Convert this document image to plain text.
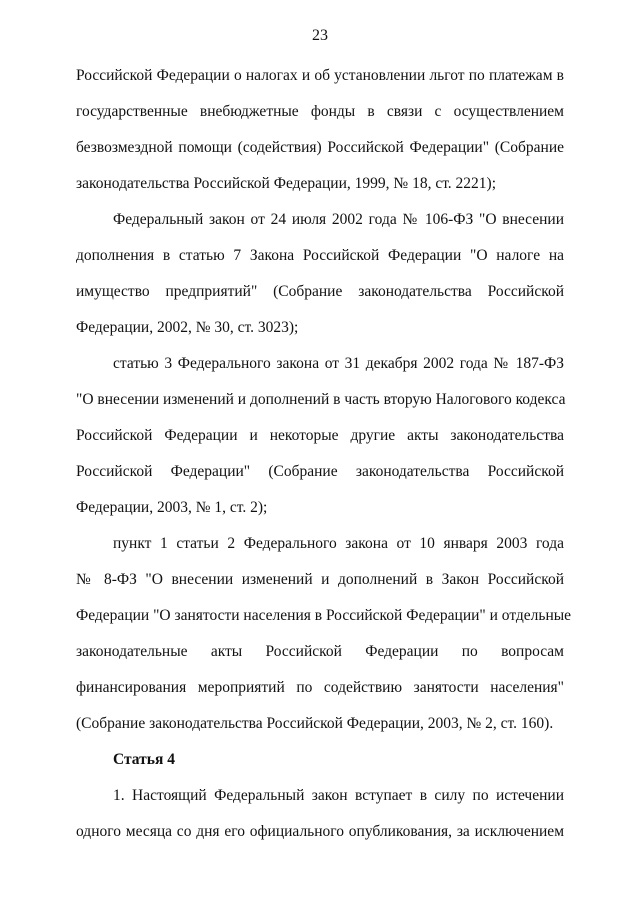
23

Российской Федерации о налогах и об установлении льгот по платежам в
государственные внебюджетные фонды в связи с осуществлением
безвозмездной помощи (содействия) Российской Федерации" (Собрание
законодательства Российской Федерации, 1999, № 18, ст. 2221);

Федеральный закон от 24 июля 2002 года № 106-ФЗ "О внесении
дополнения в статью 7 Закона Российской Федерации "О налоге на
имущество предприятий" (Собрание законодательства Российской
Федерации, 2002, № 30, ст. 3023);

статью 3 Федерального закона от 31 декабря 2002 года № 187-ФЗ
"О внесении изменений и дополнений в часть вторую Налогового кодекса
Российской Федерации и некоторые другие акты законодательства
Российской Федерации" (Собрание законодательства Российской
Федерации, 2003, № 1, ст. 2);

пункт 1 статьи 2 Федерального закона от 10 января 2003 года
№ 8-ФЗ "О внесении изменений и дополнений в Закон Российской
Федерации "О занятости населения в Российской Федерации" и отдельные
законодательные акты Российской Федерации по вопросам
финансирования мероприятий по содействию занятости населения"
(Собрание законодательства Российской Федерации, 2003, № 2, ст. 160).

Статья 4

1. Настоящий Федеральный закон вступает в силу по истечении
одного месяца со дня его официального опубликования, за исключением
